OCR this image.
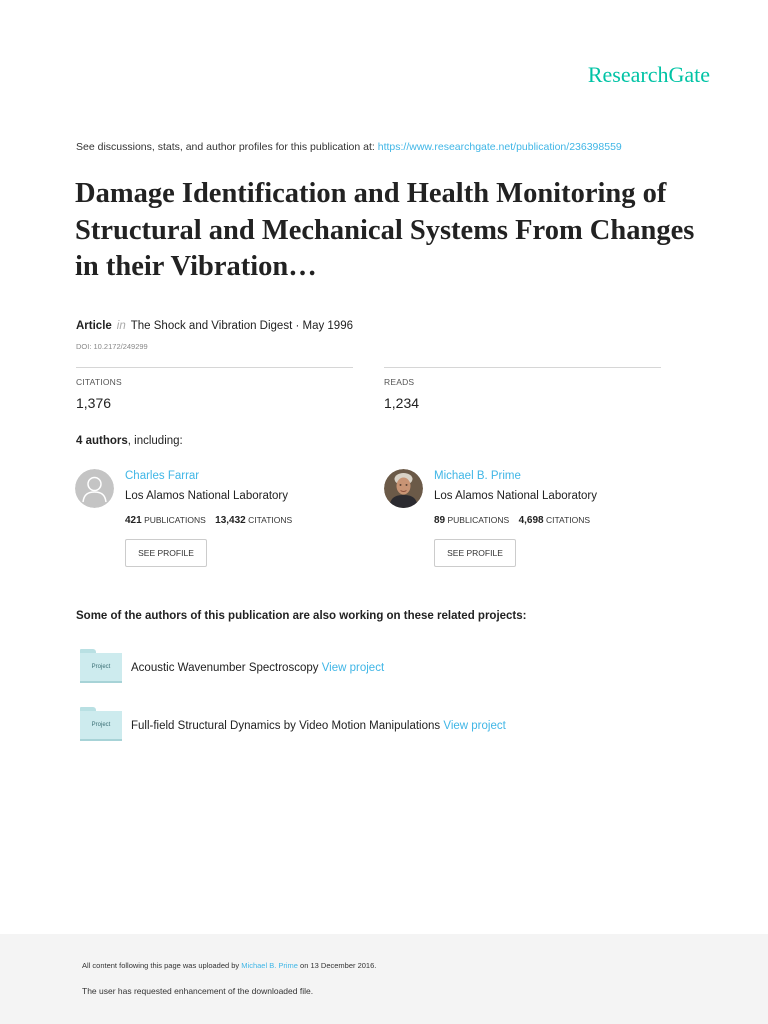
ResearchGate
See discussions, stats, and author profiles for this publication at: https://www.researchgate.net/publication/236398559
Damage Identification and Health Monitoring of Structural and Mechanical Systems From Changes in their Vibration…
Article in The Shock and Vibration Digest · May 1996
DOI: 10.2172/249299
CITATIONS
1,376
READS
1,234
4 authors, including:
Charles Farrar
Los Alamos National Laboratory
421 PUBLICATIONS 13,432 CITATIONS
SEE PROFILE
Michael B. Prime
Los Alamos National Laboratory
89 PUBLICATIONS 4,698 CITATIONS
SEE PROFILE
Some of the authors of this publication are also working on these related projects:
Project	Acoustic Wavenumber Spectroscopy View project
Project	Full-field Structural Dynamics by Video Motion Manipulations View project
All content following this page was uploaded by Michael B. Prime on 13 December 2016.
The user has requested enhancement of the downloaded file.
